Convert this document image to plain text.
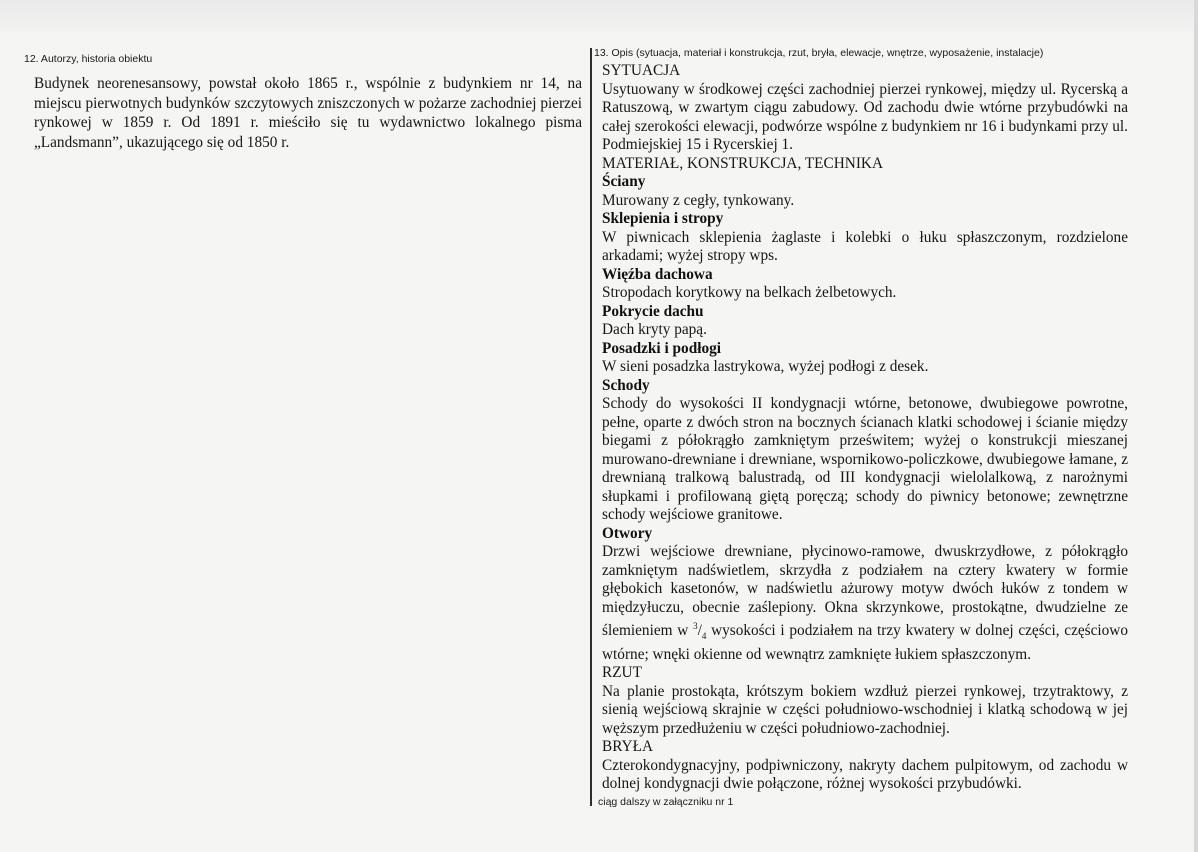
12. Autorzy, historia obiektu

Budynek neorenesansowy, powstał około 1865 r., wspólnie z budynkiem nr 14, na miejscu pierwotnych budynków szczytowych zniszczonych w pożarze zachodniej pierzei rynkowej w 1859 r. Od 1891 r. mieściło się tu wydawnictwo lokalnego pisma „Landsmann”, ukazującego się od 1850 r.

13. Opis (sytuacja, materiał i konstrukcja, rzut, bryła, elewacje, wnętrze, wyposażenie, instalacje)
SYTUACJA

Usytuowany w środkowej części zachodniej pierzei rynkowej, między ul. Rycerską a Ratuszową, w zwartym ciągu zabudowy. Od zachodu dwie wtórne przybudówki na całej szerokości elewacji, podwórze wspólne z budynkiem nr 16 i budynkami przy ul. Podmiejskiej 15 i Rycerskiej 1.

MATERIAŁ, KONSTRUKCJA, TECHNIKA
Ściany

Murowany z cegły, tynkowany.

Sklepienia i stropy

W piwnicach sklepienia żaglaste i kolebki o łuku spłaszczonym, rozdzielone arkadami; wyżej stropy wps.

Więźba dachowa

Stropodach korytkowy na belkach żelbetowych.

Pokrycie dachu

Dach kryty papą.

Posadzki i podłogi

W sieni posadzka lastrykowa, wyżej podłogi z desek.

Schody

Schody do wysokości II kondygnacji wtórne, betonowe, dwubiegowe powrotne, pełne, oparte z dwóch stron na bocznych ścianach klatki schodowej i ścianie między biegami z półokrągło zamkniętym prześwitem; wyżej o konstrukcji mieszanej murowano-drewniane i drewniane, wspornikowo-policzkowe, dwubiegowe łamane, z drewnianą tralkową balustradą, od III kondygnacji wielolalkową, z narożnymi słupkami i profilowaną giętą poręczą; schody do piwnicy betonowe; zewnętrzne schody wejściowe granitowe.

Otwory

Drzwi wejściowe drewniane, płycinowo-ramowe, dwuskrzydłowe, z półokrągło zamkniętym nadświetlem, skrzydła z podziałem na cztery kwatery w formie głębokich kasetonów, w nadświetlu ażurowy motyw dwóch łuków z tondem w międzyłuczu, obecnie zaślepiony. Okna skrzynkowe, prostokątne, dwudzielne ze ślemieniem w $^3/_4$ wysokości i podziałem na trzy kwatery w dolnej części, częściowo wtórne; wnęki okienne od wewnątrz zamknięte łukiem spłaszczonym.

RZUT

Na planie prostokąta, krótszym bokiem wzdłuż pierzei rynkowej, trzytraktowy, z sienią wejściową skrajnie w części południowo-wschodniej i klatką schodową w jej węższym przedłużeniu w części południowo-zachodniej.

BRYŁA

Czterokondygnacyjny, podpiwniczony, nakryty dachem pulpitowym, od zachodu w dolnej kondygnacji dwie połączone, różnej wysokości przybudówki.

ciąg dalszy w załączniku nr 1
